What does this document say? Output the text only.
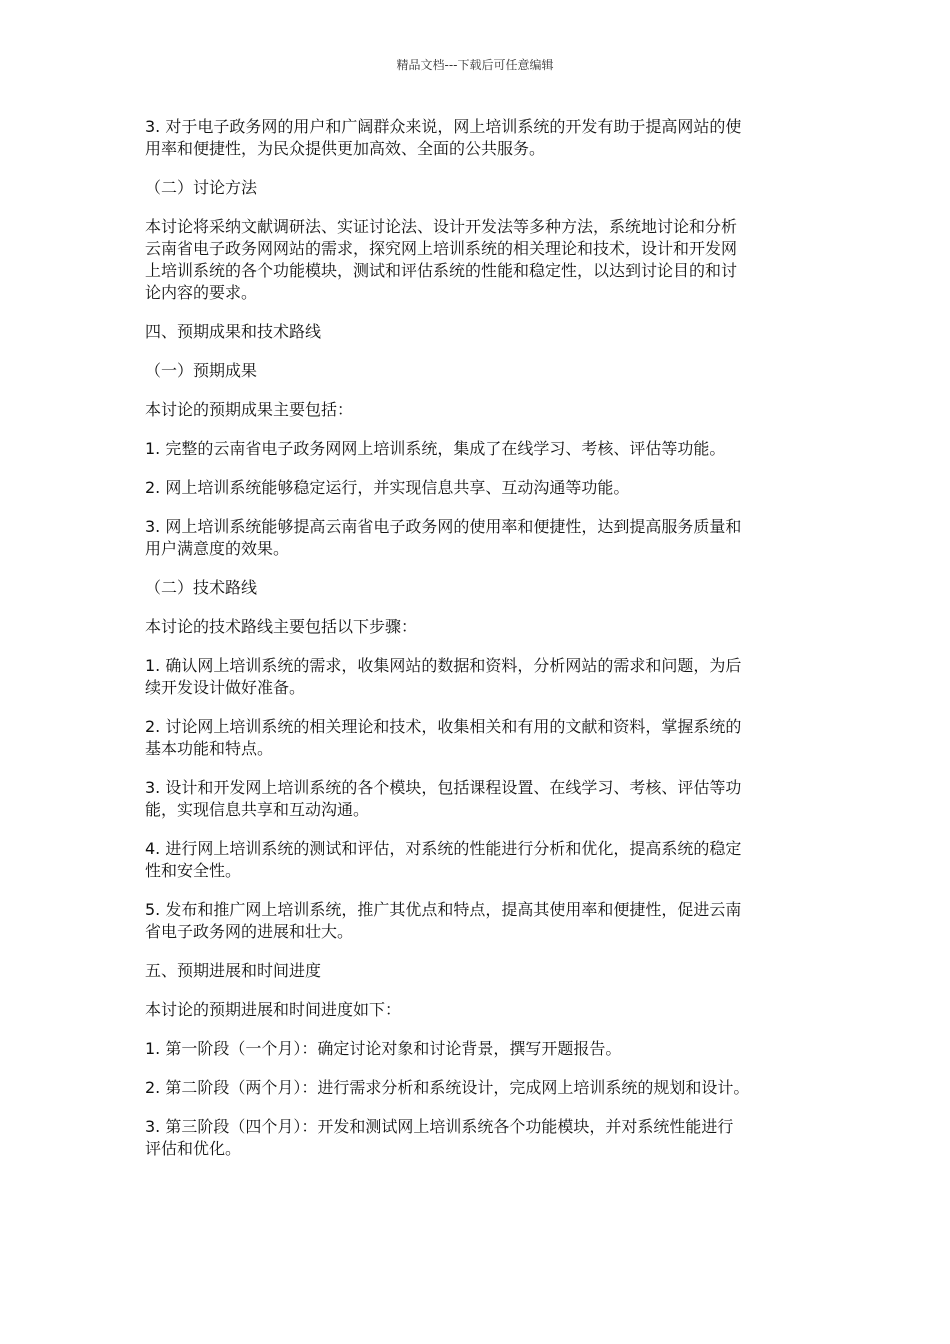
精品文档---下载后可任意编辑
3. 对于电子政务网的用户和广阔群众来说，网上培训系统的开发有助于提高网站的使
用率和便捷性，为民众提供更加高效、全面的公共服务。
（二）讨论方法
本讨论将采纳文献调研法、实证讨论法、设计开发法等多种方法，系统地讨论和分析
云南省电子政务网网站的需求，探究网上培训系统的相关理论和技术，设计和开发网
上培训系统的各个功能模块，测试和评估系统的性能和稳定性，以达到讨论目的和讨
论内容的要求。
四、预期成果和技术路线
（一）预期成果
本讨论的预期成果主要包括：
1. 完整的云南省电子政务网网上培训系统，集成了在线学习、考核、评估等功能。
2. 网上培训系统能够稳定运行，并实现信息共享、互动沟通等功能。
3. 网上培训系统能够提高云南省电子政务网的使用率和便捷性，达到提高服务质量和
用户满意度的效果。
（二）技术路线
本讨论的技术路线主要包括以下步骤：
1. 确认网上培训系统的需求，收集网站的数据和资料，分析网站的需求和问题，为后
续开发设计做好准备。
2. 讨论网上培训系统的相关理论和技术，收集相关和有用的文献和资料，掌握系统的
基本功能和特点。
3. 设计和开发网上培训系统的各个模块，包括课程设置、在线学习、考核、评估等功
能，实现信息共享和互动沟通。
4. 进行网上培训系统的测试和评估，对系统的性能进行分析和优化，提高系统的稳定
性和安全性。
5. 发布和推广网上培训系统，推广其优点和特点，提高其使用率和便捷性，促进云南
省电子政务网的进展和壮大。
五、预期进展和时间进度
本讨论的预期进展和时间进度如下：
1. 第一阶段（一个月）：确定讨论对象和讨论背景，撰写开题报告。
2. 第二阶段（两个月）：进行需求分析和系统设计，完成网上培训系统的规划和设计。
3. 第三阶段（四个月）：开发和测试网上培训系统各个功能模块，并对系统性能进行
评估和优化。
